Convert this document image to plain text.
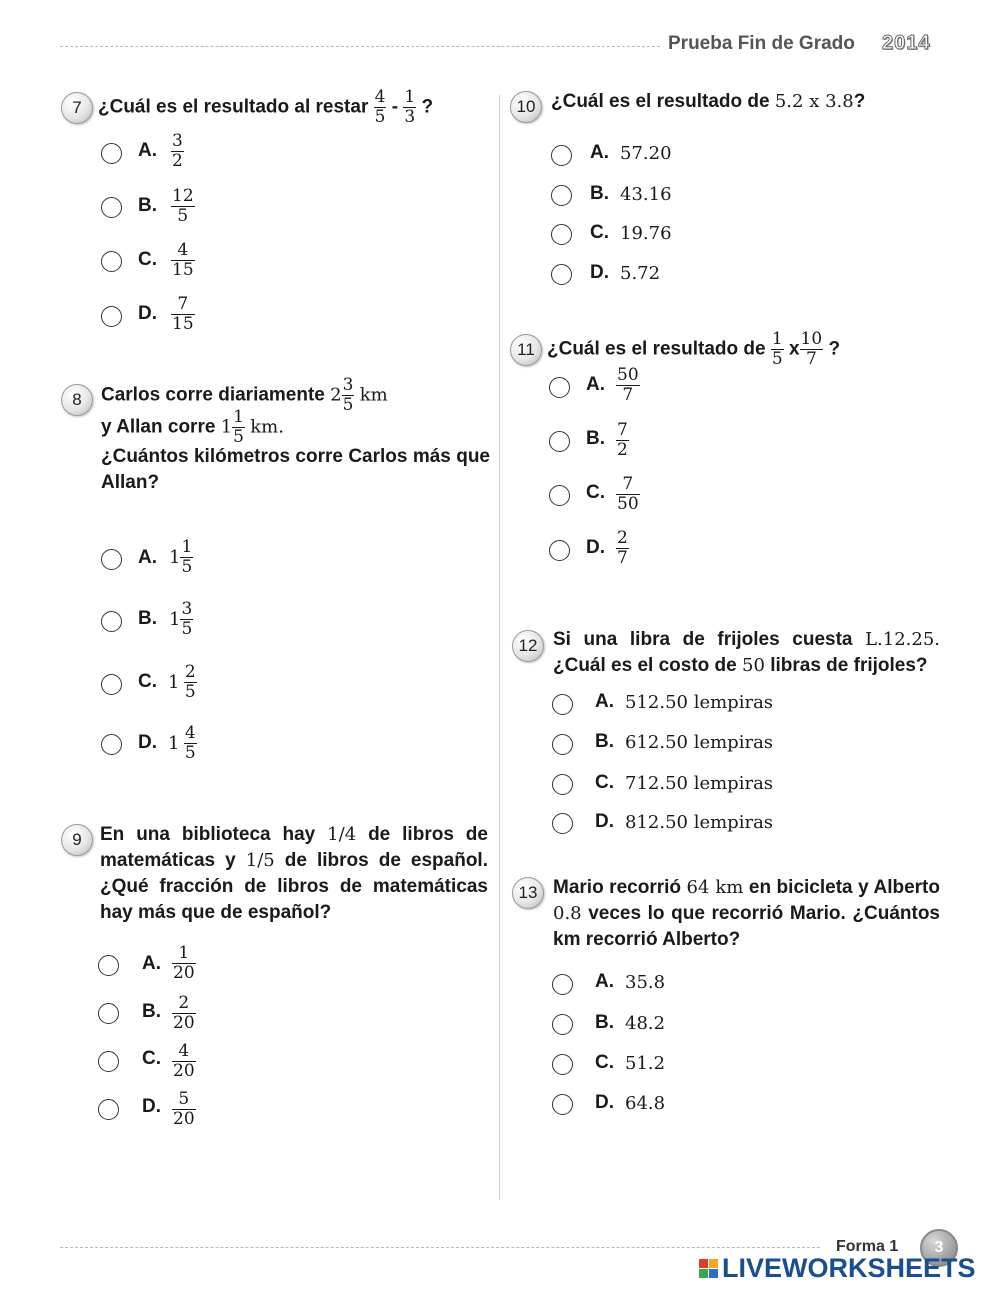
Prueba Fin de Grado 2014
7 ¿Cuál es el resultado al restar $\frac{4}{5} - \frac{1}{3}$ ?
A. $\frac{3}{2}$
B. $\frac{12}{5}$
C. $\frac{4}{15}$
D. $\frac{7}{15}$
8	Carlos corre diariamente $2 \frac{3}{5}$ km
y Allan corre $1 \frac{1}{5}$ km.
¿Cuántos kilómetros corre Carlos más que Allan?
A. $1 \frac{1}{5}$
B. $1 \frac{3}{5}$
C. $1 \frac{2}{5}$
D. $1 \frac{4}{5}$
9 En una biblioteca hay 1/4 de libros de matemáticas y 1/5 de libros de español. ¿Qué fracción de libros de matemáticas hay más que de español?
A. $\frac{1}{20}$
B. $\frac{2}{20}$
C. $\frac{4}{20}$
D. $\frac{5}{20}$
10 ¿Cuál es el resultado de 5.2 x 3.8?
A. 57.20
B. 43.16
C. 19.76
D. 5.72
11 ¿Cuál es el resultado de $\frac{1}{5}$ x $\frac{10}{7}$ ?
A. $\frac{50}{7}$
B. $\frac{7}{2}$
C. $\frac{7}{50}$
D. $\frac{2}{7}$
12 Si una libra de frijoles cuesta L.12.25. ¿Cuál es el costo de 50 libras de frijoles?
A. 512.50 lempiras
B. 612.50 lempiras
C. 712.50 lempiras
D. 812.50 lempiras
13 Mario recorrió 64 km en bicicleta y Alberto 0.8 veces lo que recorrió Mario. ¿Cuántos km recorrió Alberto?
A. 35.8
B. 48.2
C. 51.2
D. 64.8
Forma 1	3
LIVEWORKSHEETS
